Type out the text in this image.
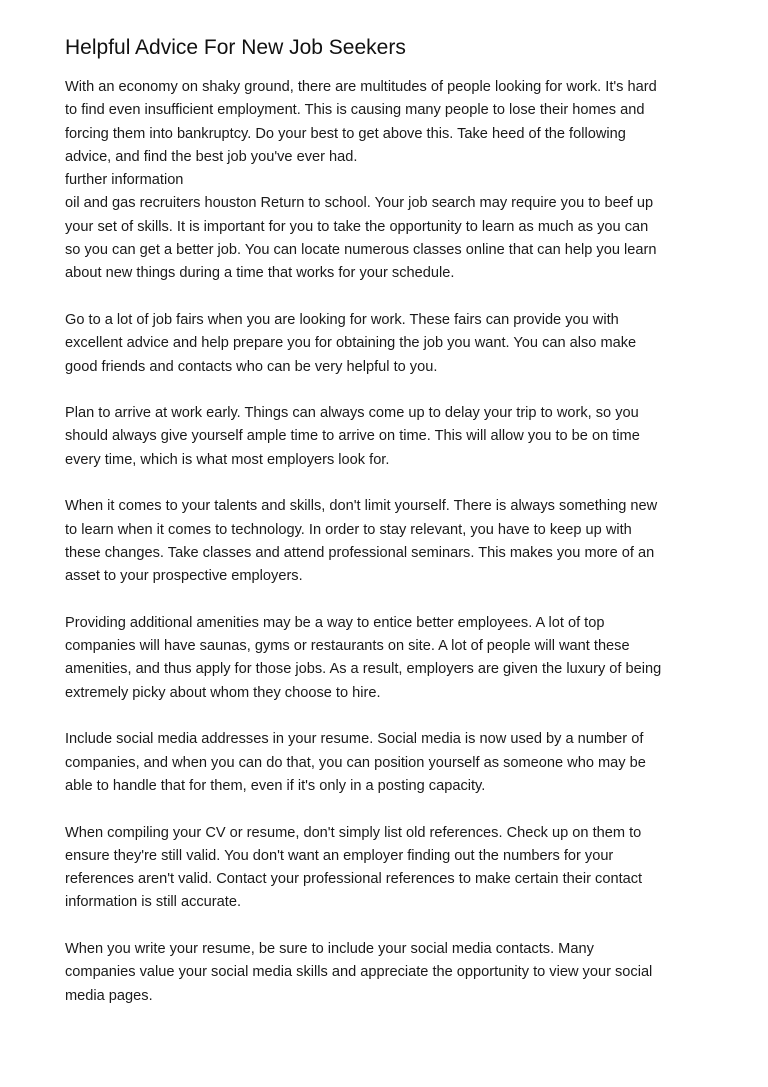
Helpful Advice For New Job Seekers

With an economy on shaky ground, there are multitudes of people looking for work. It's hard
to find even insufficient employment. This is causing many people to lose their homes and
forcing them into bankruptcy. Do your best to get above this. Take heed of the following
advice, and find the best job you've ever had.
further information
oil and gas recruiters houston Return to school. Your job search may require you to beef up
your set of skills. It is important for you to take the opportunity to learn as much as you can
so you can get a better job. You can locate numerous classes online that can help you learn
about new things during a time that works for your schedule.

Go to a lot of job fairs when you are looking for work. These fairs can provide you with
excellent advice and help prepare you for obtaining the job you want. You can also make
good friends and contacts who can be very helpful to you.

Plan to arrive at work early. Things can always come up to delay your trip to work, so you
should always give yourself ample time to arrive on time. This will allow you to be on time
every time, which is what most employers look for.

When it comes to your talents and skills, don't limit yourself. There is always something new
to learn when it comes to technology. In order to stay relevant, you have to keep up with
these changes. Take classes and attend professional seminars. This makes you more of an
asset to your prospective employers.

Providing additional amenities may be a way to entice better employees. A lot of top
companies will have saunas, gyms or restaurants on site. A lot of people will want these
amenities, and thus apply for those jobs. As a result, employers are given the luxury of being
extremely picky about whom they choose to hire.

Include social media addresses in your resume. Social media is now used by a number of
companies, and when you can do that, you can position yourself as someone who may be
able to handle that for them, even if it's only in a posting capacity.

When compiling your CV or resume, don't simply list old references. Check up on them to
ensure they're still valid. You don't want an employer finding out the numbers for your
references aren't valid. Contact your professional references to make certain their contact
information is still accurate.

When you write your resume, be sure to include your social media contacts. Many
companies value your social media skills and appreciate the opportunity to view your social
media pages.
